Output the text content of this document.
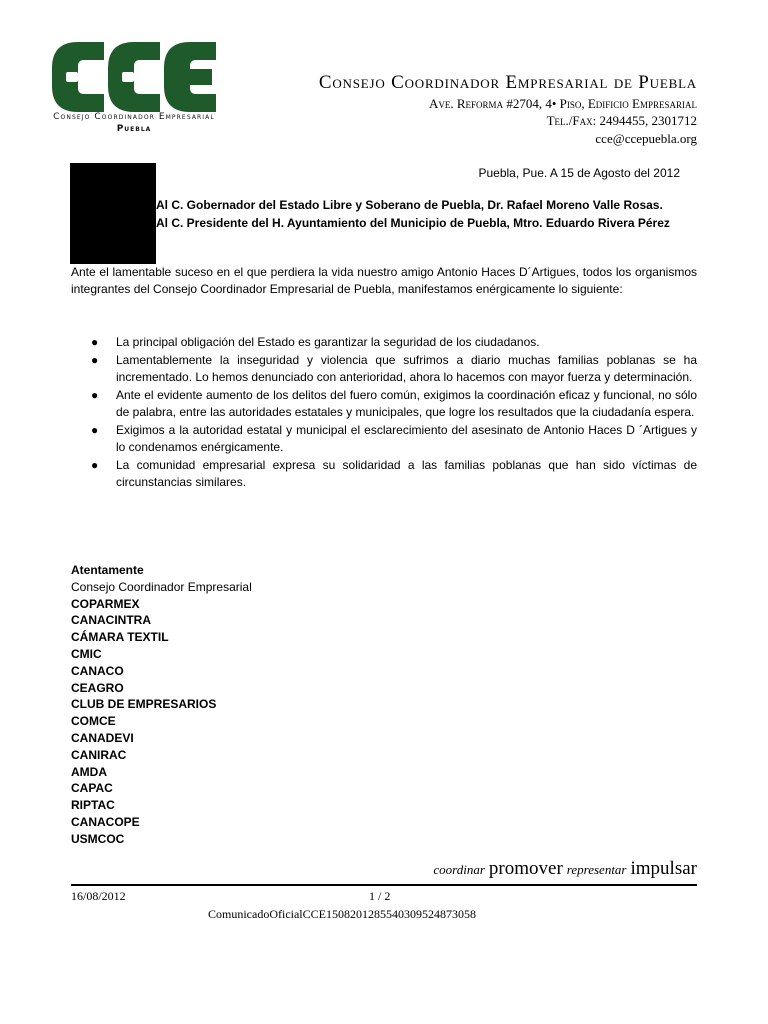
Consejo Coordinador Empresarial
Puebla
Consejo Coordinador Empresarial de Puebla
Ave. Reforma #2704, 4• Piso, Edificio Empresarial
Tel./Fax: 2494455, 2301712
cce@ccepuebla.org
Puebla, Pue. A 15 de Agosto del 2012
Al C. Gobernador del Estado Libre y Soberano de Puebla, Dr. Rafael Moreno Valle Rosas.
Al C. Presidente del H. Ayuntamiento del Municipio de Puebla, Mtro. Eduardo Rivera Pérez
Ante el lamentable suceso en el que perdiera la vida nuestro amigo Antonio Haces D´Artigues, todos los organismos integrantes del Consejo Coordinador Empresarial de Puebla, manifestamos enérgicamente lo siguiente:
● La principal obligación del Estado es garantizar la seguridad de los ciudadanos.
● Lamentablemente la inseguridad y violencia que sufrimos a diario muchas familias poblanas se ha incrementado. Lo hemos denunciado con anterioridad, ahora lo hacemos con mayor fuerza y determinación.
● Ante el evidente aumento de los delitos del fuero común, exigimos la coordinación eficaz y funcional, no sólo de palabra, entre las autoridades estatales y municipales, que logre los resultados que la ciudadanía espera.
● Exigimos a la autoridad estatal y municipal el esclarecimiento del asesinato de Antonio Haces D ´Artigues y lo condenamos enérgicamente.
● La comunidad empresarial expresa su solidaridad a las familias poblanas que han sido víctimas de circunstancias similares.
Atentamente
Consejo Coordinador Empresarial
COPARMEX
CANACINTRA
CÁMARA TEXTIL
CMIC
CANACO
CEAGRO
CLUB DE EMPRESARIOS
COMCE
CANADEVI
CANIRAC
AMDA
CAPAC
RIPTAC
CANACOPE
USMCOC
coordinar promover representar impulsar
16/08/2012	1 / 2
ComunicadoOficialCCE1508201285540309524873058
